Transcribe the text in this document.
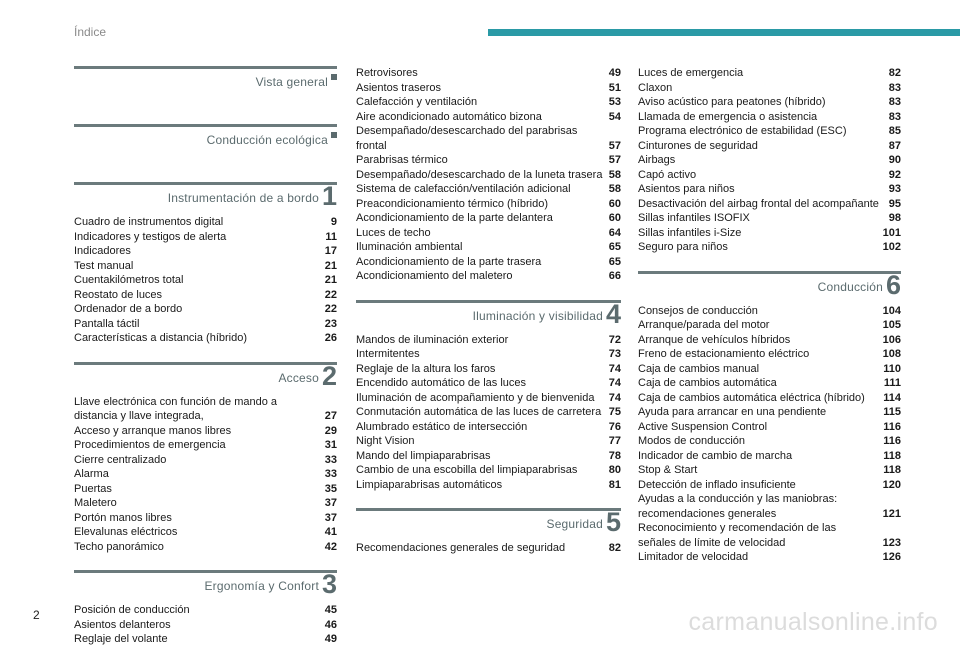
Índice
$_{Vista general}$
$_{Conducción ecológica}$
$_{Instrumentación de a bordo}$ 1
Cuadro de instrumentos digital	9
Indicadores y testigos de alerta	11
Indicadores	17
Test manual	21
Cuentakilómetros total	21
Reostato de luces	22
Ordenador de a bordo	22
Pantalla táctil	23
Características a distancia (híbrido)	26
$_{Acceso}$ 2
Llave electrónica con función de mando a distancia y llave integrada,	27
Acceso y arranque manos libres	29
Procedimientos de emergencia	31
Cierre centralizado	33
Alarma	33
Puertas	35
Maletero	37
Portón manos libres	37
Elevalunas eléctricos	41
Techo panorámico	42
$_{Ergonomía y Confort}$ 3
Posición de conducción	45
Asientos delanteros	46
Reglaje del volante	49
Retrovisores	49
Asientos traseros	51
Calefacción y ventilación	53
Aire acondicionado automático bizona	54
Desempañado/desescarchado del parabrisas frontal	57
Parabrisas térmico	57
Desempañado/desescarchado de la luneta trasera 58
Sistema de calefacción/ventilación adicional	58
Preacondicionamiento térmico (híbrido)	60
Acondicionamiento de la parte delantera	60
Luces de techo	64
Iluminación ambiental	65
Acondicionamiento de la parte trasera	65
Acondicionamiento del maletero	66
$_{Iluminación y visibilidad}$ 4
Mandos de iluminación exterior	72
Intermitentes	73
Reglaje de la altura los faros	74
Encendido automático de las luces	74
Iluminación de acompañamiento y de bienvenida	74
Conmutación automática de las luces de carretera 75
Alumbrado estático de intersección	76
Night Vision	77
Mando del limpiaparabrisas	78
Cambio de una escobilla del limpiaparabrisas	80
Limpiaparabrisas automáticos	81
$_{Seguridad}$ 5
Recomendaciones generales de seguridad	82
Luces de emergencia	82
Claxon	83
Aviso acústico para peatones (híbrido)	83
Llamada de emergencia o asistencia	83
Programa electrónico de estabilidad (ESC)	85
Cinturones de seguridad	87
Airbags	90
Capó activo	92
Asientos para niños	93
Desactivación del airbag frontal del acompañante 95
Sillas infantiles ISOFIX	98
Sillas infantiles i-Size	101
Seguro para niños	102
$_{Conducción}$ 6
Consejos de conducción	104
Arranque/parada del motor	105
Arranque de vehículos híbridos	106
Freno de estacionamiento eléctrico	108
Caja de cambios manual	110
Caja de cambios automática	111
Caja de cambios automática eléctrica (híbrido)	114
Ayuda para arrancar en una pendiente	115
Active Suspension Control	116
Modos de conducción	116
Indicador de cambio de marcha	118
Stop & Start	118
Detección de inflado insuficiente	120
Ayudas a la conducción y las maniobras: recomendaciones generales	121
Reconocimiento y recomendación de las señales de límite de velocidad	123
Limitador de velocidad	126
2	carmanualsonline.info
